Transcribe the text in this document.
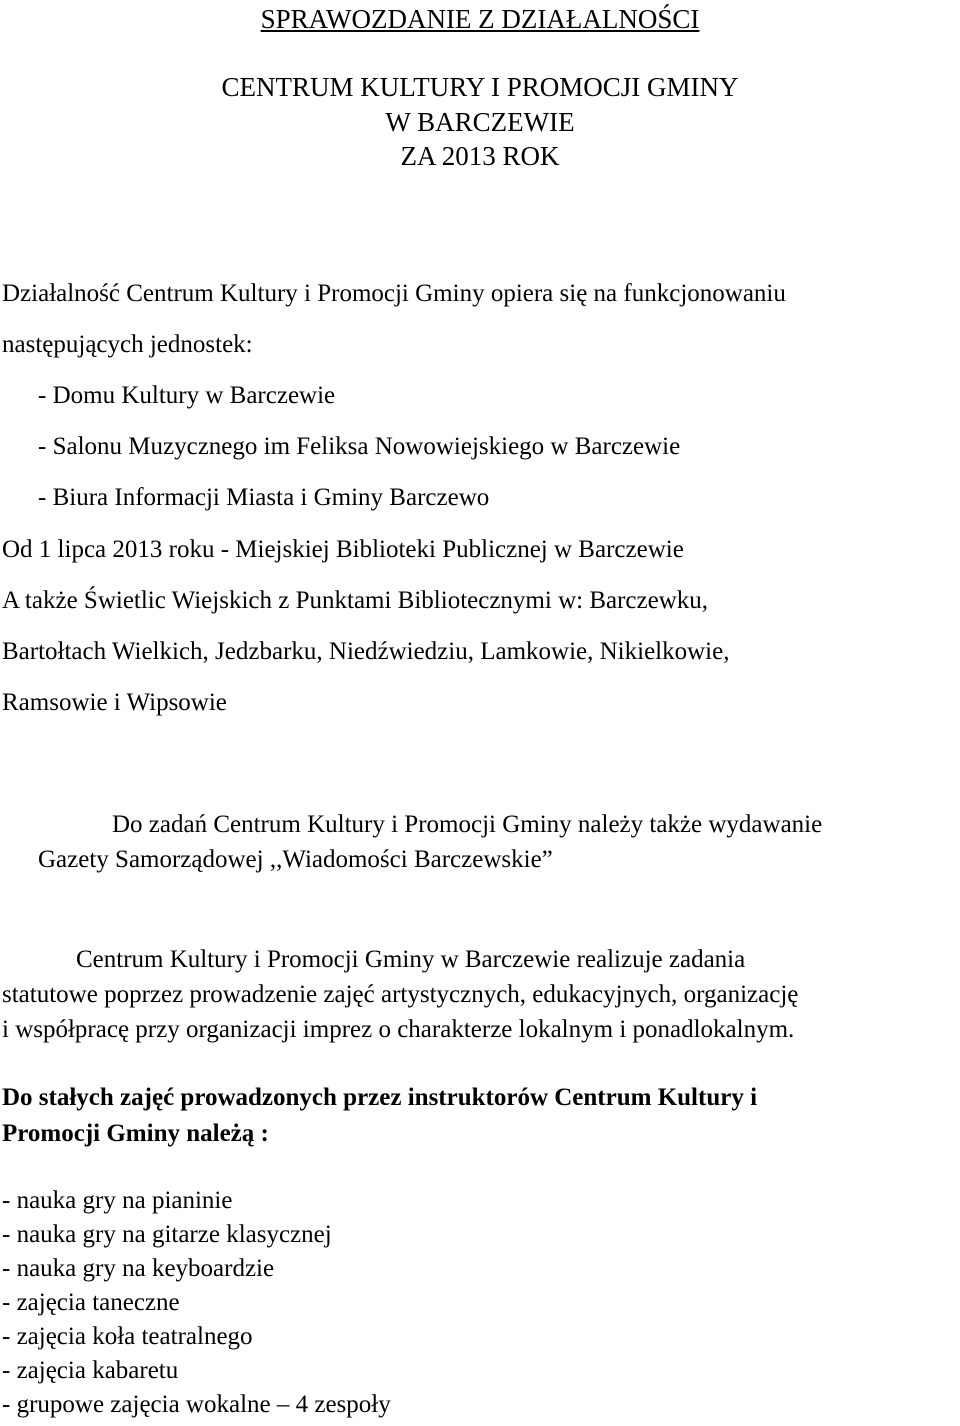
SPRAWOZDANIE Z DZIAŁALNOŚCI
CENTRUM KULTURY I PROMOCJI GMINY
W BARCZEWIE
ZA 2013 ROK
Działalność Centrum Kultury i Promocji Gminy opiera się na funkcjonowaniu
następujących jednostek:
- Domu Kultury w Barczewie
- Salonu Muzycznego im Feliksa Nowowiejskiego w Barczewie
- Biura Informacji Miasta i Gminy Barczewo
Od 1 lipca 2013 roku - Miejskiej Biblioteki Publicznej w Barczewie
A także Świetlic Wiejskich z Punktami Bibliotecznymi w: Barczewku,
Bartołtach Wielkich, Jedzbarku, Niedźwiedziu, Lamkowie, Nikielkowie,
Ramsowie i Wipsowie
Do zadań Centrum Kultury i Promocji Gminy należy także wydawanie
Gazety Samorządowej ,,Wiadomości Barczewskie”
Centrum Kultury i Promocji Gminy w Barczewie realizuje zadania
statutowe poprzez prowadzenie zajęć artystycznych, edukacyjnych, organizację
i współpracę przy organizacji imprez o charakterze lokalnym i ponadlokalnym.
Do stałych zajęć prowadzonych przez instruktorów Centrum Kultury i
Promocji Gminy należą :
- nauka gry na pianinie
- nauka gry na gitarze klasycznej
- nauka gry na keyboardzie
- zajęcia taneczne
- zajęcia koła teatralnego
- zajęcia kabaretu
- grupowe zajęcia wokalne – 4 zespoły
